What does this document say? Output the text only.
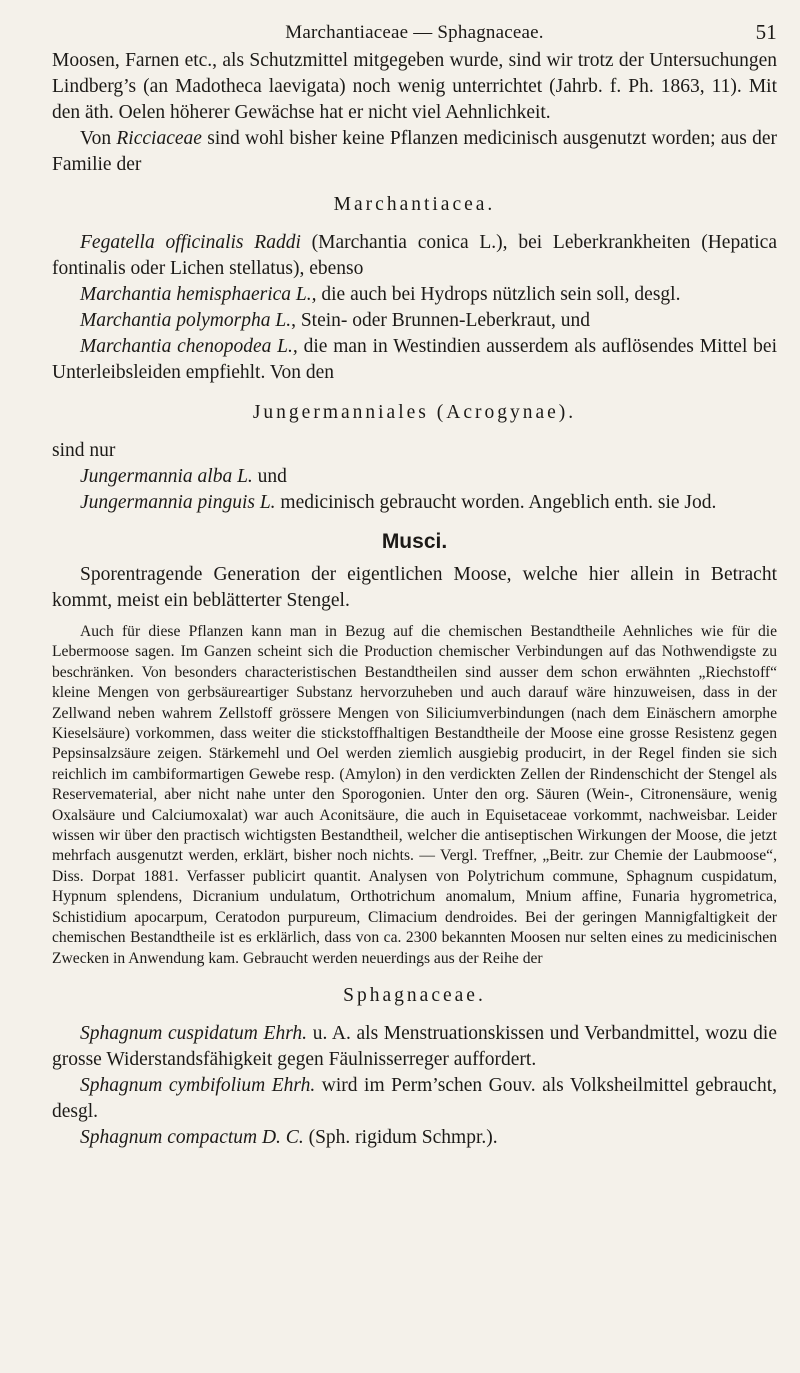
Marchantiaceae — Sphagnaceae.	51

Moosen, Farnen etc., als Schutzmittel mitgegeben wurde, sind wir trotz der Untersuchungen Lindberg’s (an Madotheca laevigata) noch wenig unterrichtet (Jahrb. f. Ph. 1863, 11). Mit den äth. Oelen höherer Gewächse hat er nicht viel Aehnlichkeit.

Von Ricciaceae sind wohl bisher keine Pflanzen medicinisch ausgenutzt worden; aus der Familie der

Marchantiacea.

Fegatella officinalis Raddi (Marchantia conica L.), bei Leberkrankheiten (Hepatica fontinalis oder Lichen stellatus), ebenso

Marchantia hemisphaerica L., die auch bei Hydrops nützlich sein soll, desgl.

Marchantia polymorpha L., Stein- oder Brunnen-Leberkraut, und

Marchantia chenopodea L., die man in Westindien ausserdem als auflösendes Mittel bei Unterleibsleiden empfiehlt. Von den

Jungermanniales (Acrogynae).

sind nur

Jungermannia alba L. und

Jungermannia pinguis L. medicinisch gebraucht worden. Angeblich enth. sie Jod.

Musci.

Sporentragende Generation der eigentlichen Moose, welche hier allein in Betracht kommt, meist ein beblätterter Stengel.

Auch für diese Pflanzen kann man in Bezug auf die chemischen Bestandtheile Aehnliches wie für die Lebermoose sagen. Im Ganzen scheint sich die Production chemischer Verbindungen auf das Nothwendigste zu beschränken. Von besonders characteristischen Bestandtheilen sind ausser dem schon erwähnten „Riechstoff“ kleine Mengen von gerbsäureartiger Substanz hervorzuheben und auch darauf wäre hinzuweisen, dass in der Zellwand neben wahrem Zellstoff grössere Mengen von Siliciumverbindungen (nach dem Einäschern amorphe Kieselsäure) vorkommen, dass weiter die stickstoffhaltigen Bestandtheile der Moose eine grosse Resistenz gegen Pepsinsalzsäure zeigen. Stärkemehl und Oel werden ziemlich ausgiebig producirt, in der Regel finden sie sich reichlich im cambiformartigen Gewebe resp. (Amylon) in den verdickten Zellen der Rindenschicht der Stengel als Reservematerial, aber nicht nahe unter den Sporogonien. Unter den org. Säuren (Wein-, Citronensäure, wenig Oxalsäure und Calciumoxalat) war auch Aconitsäure, die auch in Equisetaceae vorkommt, nachweisbar. Leider wissen wir über den practisch wichtigsten Bestandtheil, welcher die antiseptischen Wirkungen der Moose, die jetzt mehrfach ausgenutzt werden, erklärt, bisher noch nichts. — Vergl. Treffner, „Beitr. zur Chemie der Laubmoose“, Diss. Dorpat 1881. Verfasser publicirt quantit. Analysen von Polytrichum commune, Sphagnum cuspidatum, Hypnum splendens, Dicranium undulatum, Orthotrichum anomalum, Mnium affine, Funaria hygrometrica, Schistidium apocarpum, Ceratodon purpureum, Climacium dendroides. Bei der geringen Mannigfaltigkeit der chemischen Bestandtheile ist es erklärlich, dass von ca. 2300 bekannten Moosen nur selten eines zu medicinischen Zwecken in Anwendung kam. Gebraucht werden neuerdings aus der Reihe der

Sphagnaceae.

Sphagnum cuspidatum Ehrh. u. A. als Menstruationskissen und Verbandmittel, wozu die grosse Widerstandsfähigkeit gegen Fäulnisserreger auffordert.

Sphagnum cymbifolium Ehrh. wird im Perm’schen Gouv. als Volksheilmittel gebraucht, desgl.

Sphagnum compactum D. C. (Sph. rigidum Schmpr.).
